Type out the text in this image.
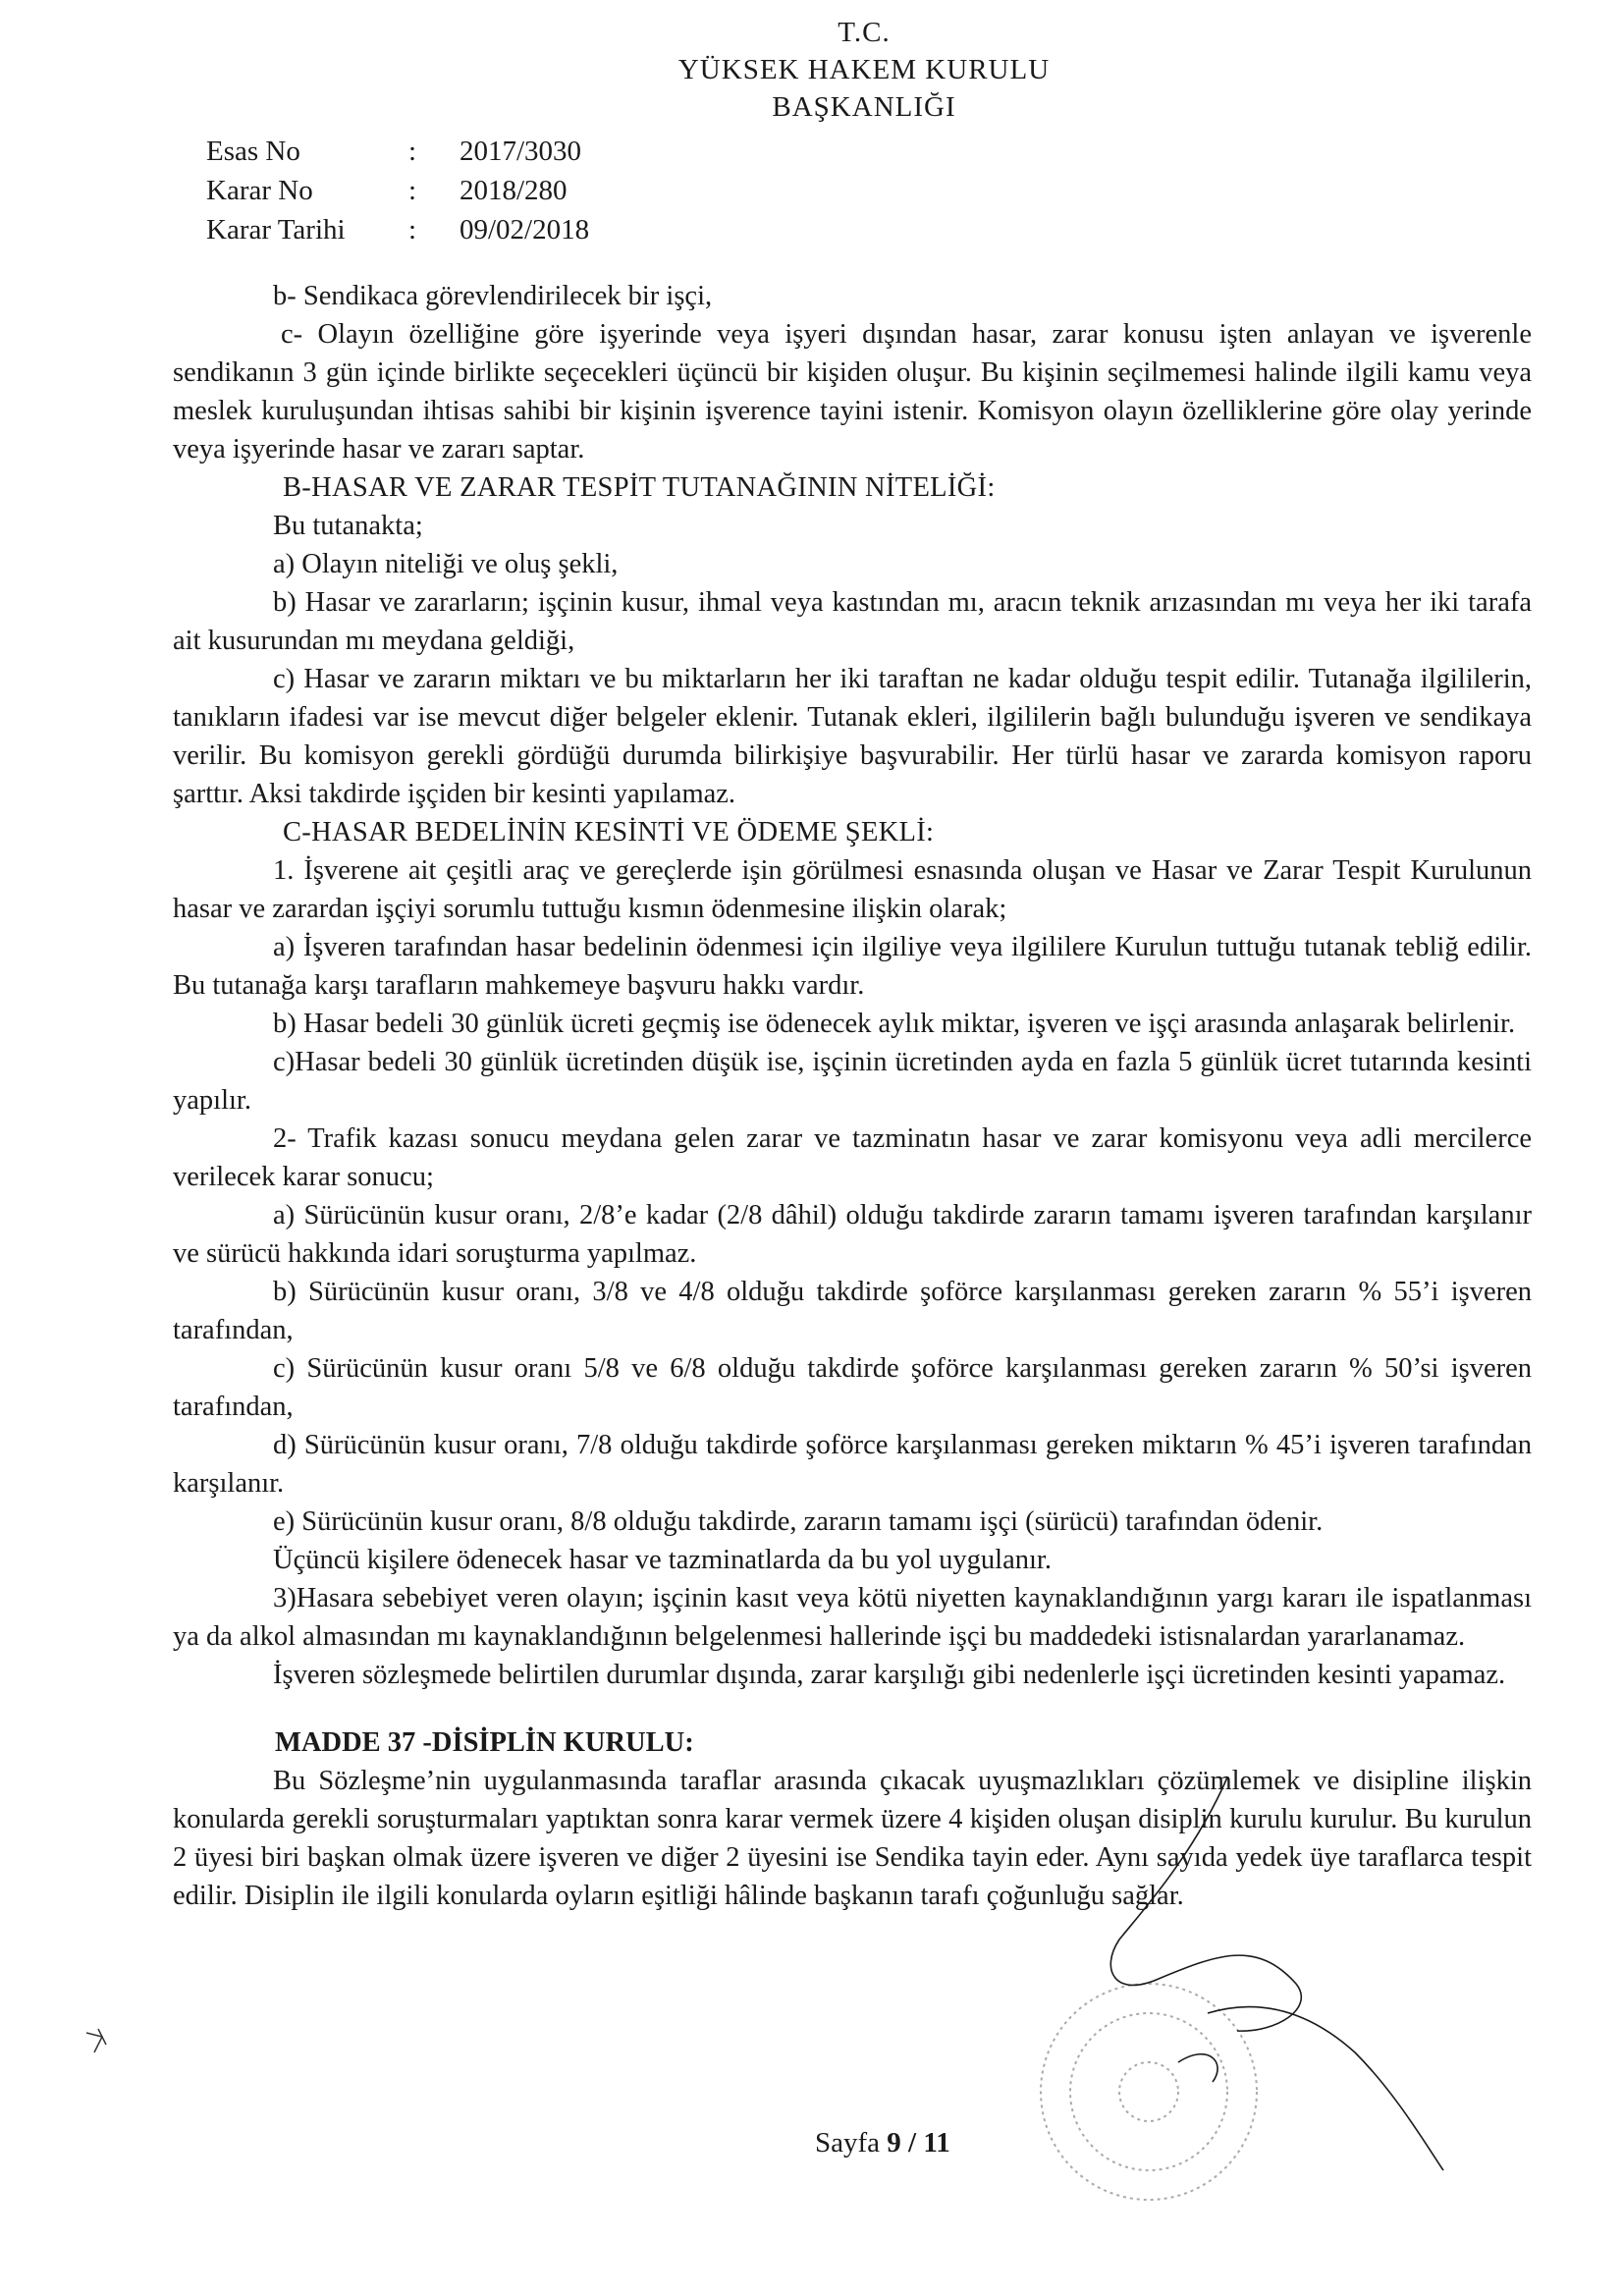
T.C.
YÜKSEK HAKEM KURULU
BAŞKANLIĞI
Esas No	:	2017/3030
Karar No	:	2018/280
Karar Tarihi	:	09/02/2018

b- Sendikaca görevlendirilecek bir işçi,

c- Olayın özelliğine göre işyerinde veya işyeri dışından hasar, zarar konusu işten anlayan ve işverenle sendikanın 3 gün içinde birlikte seçecekleri üçüncü bir kişiden oluşur. Bu kişinin seçilmemesi halinde ilgili kamu veya meslek kuruluşundan ihtisas sahibi bir kişinin işverence tayini istenir. Komisyon olayın özelliklerine göre olay yerinde veya işyerinde hasar ve zararı saptar.

B-HASAR VE ZARAR TESPİT TUTANAĞININ NİTELİĞİ:

Bu tutanakta;

a) Olayın niteliği ve oluş şekli,

b) Hasar ve zararların; işçinin kusur, ihmal veya kastından mı, aracın teknik arızasından mı veya her iki tarafa ait kusurundan mı meydana geldiği,

c) Hasar ve zararın miktarı ve bu miktarların her iki taraftan ne kadar olduğu tespit edilir. Tutanağa ilgililerin, tanıkların ifadesi var ise mevcut diğer belgeler eklenir. Tutanak ekleri, ilgililerin bağlı bulunduğu işveren ve sendikaya verilir. Bu komisyon gerekli gördüğü durumda bilirkişiye başvurabilir. Her türlü hasar ve zararda komisyon raporu şarttır. Aksi takdirde işçiden bir kesinti yapılamaz.

C-HASAR BEDELİNİN KESİNTİ VE ÖDEME ŞEKLİ:

1. İşverene ait çeşitli araç ve gereçlerde işin görülmesi esnasında oluşan ve Hasar ve Zarar Tespit Kurulunun hasar ve zarardan işçiyi sorumlu tuttuğu kısmın ödenmesine ilişkin olarak;

a) İşveren tarafından hasar bedelinin ödenmesi için ilgiliye veya ilgililere Kurulun tuttuğu tutanak tebliğ edilir. Bu tutanağa karşı tarafların mahkemeye başvuru hakkı vardır.

b) Hasar bedeli 30 günlük ücreti geçmiş ise ödenecek aylık miktar, işveren ve işçi arasında anlaşarak belirlenir.

c)Hasar bedeli 30 günlük ücretinden düşük ise, işçinin ücretinden ayda en fazla 5 günlük ücret tutarında kesinti yapılır.

2- Trafik kazası sonucu meydana gelen zarar ve tazminatın hasar ve zarar komisyonu veya adli mercilerce verilecek karar sonucu;

a) Sürücünün kusur oranı, 2/8’e kadar (2/8 dâhil) olduğu takdirde zararın tamamı işveren tarafından karşılanır ve sürücü hakkında idari soruşturma yapılmaz.

b) Sürücünün kusur oranı, 3/8 ve 4/8 olduğu takdirde şoförce karşılanması gereken zararın % 55’i işveren tarafından,

c) Sürücünün kusur oranı 5/8 ve 6/8 olduğu takdirde şoförce karşılanması gereken zararın % 50’si işveren tarafından,

d) Sürücünün kusur oranı, 7/8 olduğu takdirde şoförce karşılanması gereken miktarın % 45’i işveren tarafından karşılanır.

e) Sürücünün kusur oranı, 8/8 olduğu takdirde, zararın tamamı işçi (sürücü) tarafından ödenir.

Üçüncü kişilere ödenecek hasar ve tazminatlarda da bu yol uygulanır.

3)Hasara sebebiyet veren olayın; işçinin kasıt veya kötü niyetten kaynaklandığının yargı kararı ile ispatlanması ya da alkol almasından mı kaynaklandığının belgelenmesi hallerinde işçi bu maddedeki istisnalardan yararlanamaz.

İşveren sözleşmede belirtilen durumlar dışında, zarar karşılığı gibi nedenlerle işçi ücretinden kesinti yapamaz.

MADDE 37 -DİSİPLİN KURULU:

Bu Sözleşme’nin uygulanmasında taraflar arasında çıkacak uyuşmazlıkları çözümlemek ve disipline ilişkin konularda gerekli soruşturmaları yaptıktan sonra karar vermek üzere 4 kişiden oluşan disiplin kurulu kurulur. Bu kurulun 2 üyesi biri başkan olmak üzere işveren ve diğer 2 üyesini ise Sendika tayin eder. Aynı sayıda yedek üye taraflarca tespit edilir. Disiplin ile ilgili konularda oyların eşitliği hâlinde başkanın tarafı çoğunluğu sağlar.

Sayfa 9 / 11
